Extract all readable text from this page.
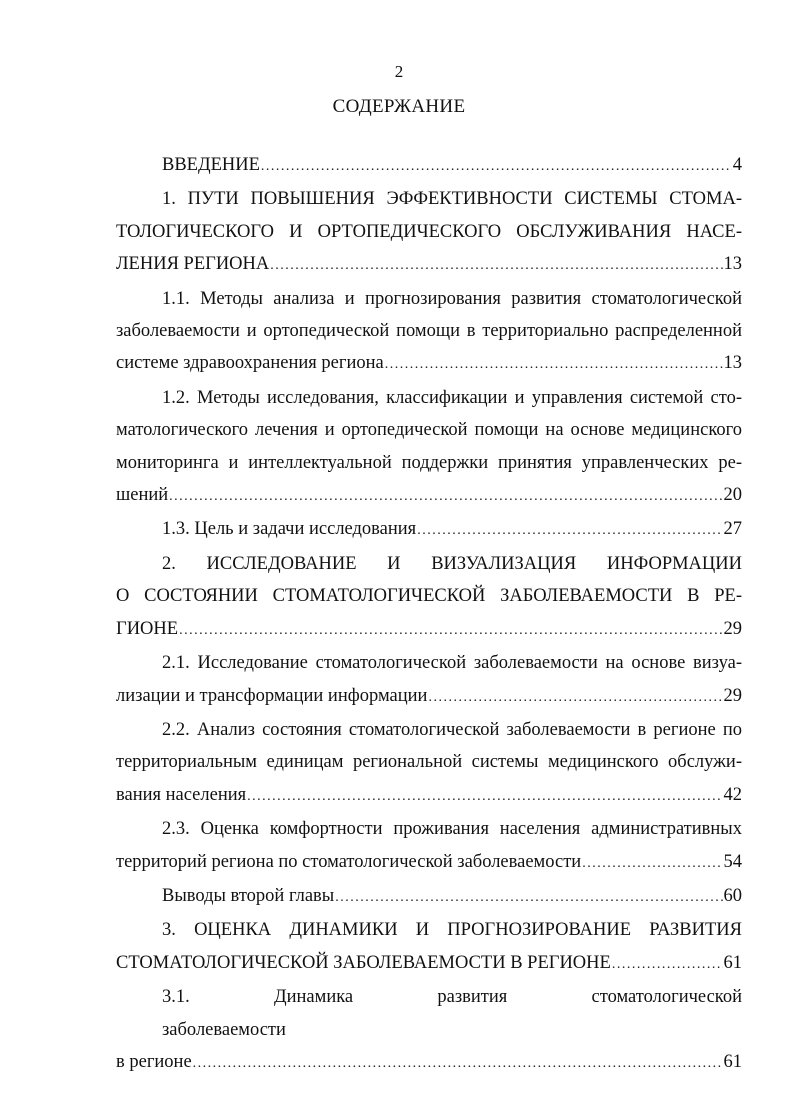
2
СОДЕРЖАНИЕ
ВВЕДЕНИЕ .....	4
1. ПУТИ ПОВЫШЕНИЯ ЭФФЕКТИВНОСТИ СИСТЕМЫ СТОМА-
ТОЛОГИЧЕСКОГО И ОРТОПЕДИЧЕСКОГО ОБСЛУЖИВАНИЯ НАСЕ-
ЛЕНИЯ РЕГИОНА .....	13
1.1. Методы анализа и прогнозирования развития стоматологической
заболеваемости и ортопедической помощи в территориально распределенной
системе здравоохранения региона .....	13
1.2. Методы исследования, классификации и управления системой сто-
матологического лечения и ортопедической помощи на основе медицинского
мониторинга и интеллектуальной поддержки принятия управленческих ре-
шений .....	20
1.3. Цель и задачи исследования .....	27
2. ИССЛЕДОВАНИЕ И ВИЗУАЛИЗАЦИЯ ИНФОРМАЦИИ
О СОСТОЯНИИ СТОМАТОЛОГИЧЕСКОЙ ЗАБОЛЕВАЕМОСТИ В РЕ-
ГИОНЕ .....	29
2.1. Исследование стоматологической заболеваемости на основе визуа-
лизации и трансформации информации .....	29
2.2. Анализ состояния стоматологической заболеваемости в регионе по
территориальным единицам региональной системы медицинского обслужи-
вания населения .....	42
2.3. Оценка комфортности проживания населения административных
территорий региона по стоматологической заболеваемости .....	54
Выводы второй главы .....	60
3. ОЦЕНКА ДИНАМИКИ И ПРОГНОЗИРОВАНИЕ РАЗВИТИЯ
СТОМАТОЛОГИЧЕСКОЙ ЗАБОЛЕВАЕМОСТИ В РЕГИОНЕ .....	61
3.1. Динамика развития стоматологической заболеваемости
в регионе .....	61
